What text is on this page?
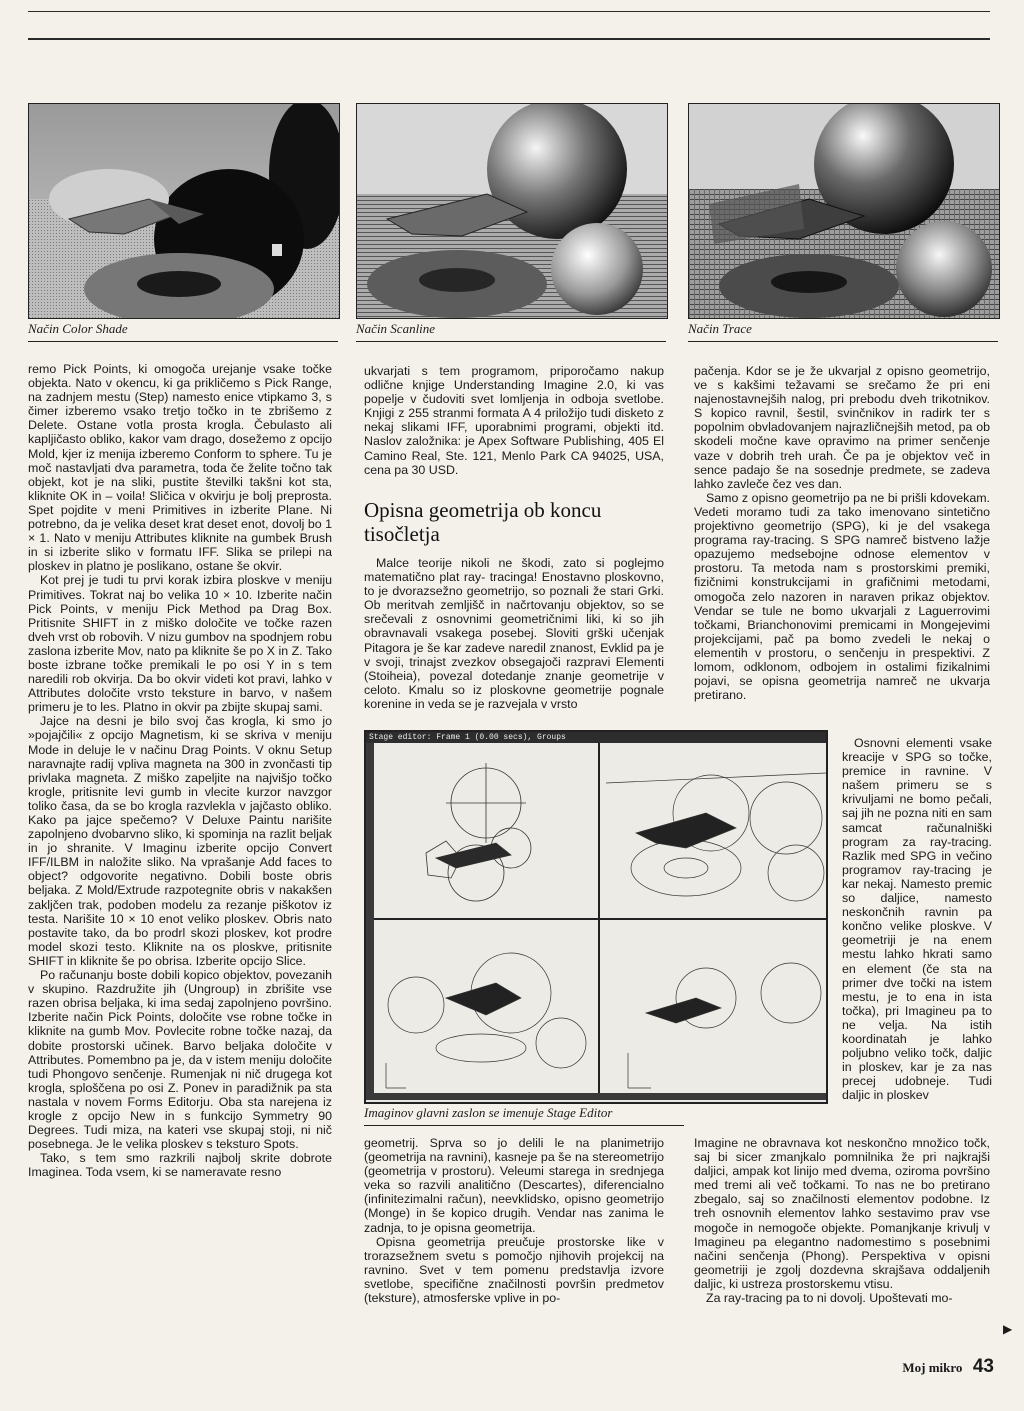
Način Color Shade	Način Scanline	Način Trace

remo Pick Points, ki omogoča urejanje vsake točke objekta. Nato v okencu, ki ga prikličemo s Pick Range, na zadnjem mestu (Step) namesto enice vtipkamo 3, s čimer izberemo vsako tretjo točko in te zbrišemo z Delete. Ostane votla prosta krogla. Čebulasto ali kapljičasto obliko, kakor vam drago, dosežemo z opcijo Mold, kjer iz menija izberemo Conform to sphere. Tu je moč nastavljati dva parametra, toda če želite točno tak objekt, kot je na sliki, pustite številki takšni kot sta, kliknite OK in – voila! Sličica v okvirju je bolj preprosta. Spet pojdite v meni Primitives in izberite Plane. Ni potrebno, da je velika deset krat deset enot, dovolj bo 1 × 1. Nato v meniju Attributes kliknite na gumbek Brush in si izberite sliko v formatu IFF. Slika se prilepi na ploskev in platno je poslikano, ostane še okvir.

Kot prej je tudi tu prvi korak izbira ploskve v meniju Primitives. Tokrat naj bo velika 10 × 10. Izberite način Pick Points, v meniju Pick Method pa Drag Box. Pritisnite SHIFT in z miško določite ve točke razen dveh vrst ob robovih. V nizu gumbov na spodnjem robu zaslona izberite Mov, nato pa kliknite še po X in Z. Tako boste izbrane točke premikali le po osi Y in s tem naredili rob okvirja. Da bo okvir videti kot pravi, lahko v Attributes določite vrsto teksture in barvo, v našem primeru je to les. Platno in okvir pa zbijte skupaj sami.

Jajce na desni je bilo svoj čas krogla, ki smo jo »pojajčili« z opcijo Magnetism, ki se skriva v meniju Mode in deluje le v načinu Drag Points. V oknu Setup naravnajte radij vpliva magneta na 300 in zvončasti tip privlaka magneta. Z miško zapeljite na najvišjo točko krogle, pritisnite levi gumb in vlecite kurzor navzgor toliko časa, da se bo krogla razvlekla v jajčasto obliko. Kako pa jajce spečemo? V Deluxe Paintu narišite zapolnjeno dvobarvno sliko, ki spominja na razlit beljak in jo shranite. V Imaginu izberite opcijo Convert IFF/ILBM in naložite sliko. Na vprašanje Add faces to object? odgovorite negativno. Dobili boste obris beljaka. Z Mold/Extrude razpotegnite obris v nakakšen zakljčen trak, podoben modelu za rezanje piškotov iz testa. Narišite 10 × 10 enot veliko ploskev. Obris nato postavite tako, da bo prodrl skozi ploskev, kot prodre model skozi testo. Kliknite na os ploskve, pritisnite SHIFT in kliknite še po obrisa. Izberite opcijo Slice.

Po računanju boste dobili kopico objektov, povezanih v skupino. Razdružite jih (Ungroup) in zbrišite vse razen obrisa beljaka, ki ima sedaj zapolnjeno površino. Izberite način Pick Points, določite vse robne točke in kliknite na gumb Mov. Povlecite robne točke nazaj, da dobite prostorski učinek. Barvo beljaka določite v Attributes. Pomembno pa je, da v istem meniju določite tudi Phongovo senčenje. Rumenjak ni nič drugega kot krogla, sploščena po osi Z. Ponev in paradižnik pa sta nastala v novem Forms Editorju. Oba sta narejena iz krogle z opcijo New in s funkcijo Symmetry 90 Degrees. Tudi miza, na kateri vse skupaj stoji, ni nič posebnega. Je le velika ploskev s teksturo Spots.

Tako, s tem smo razkrili najbolj skrite dobrote Imaginea. Toda vsem, ki se nameravate resno

ukvarjati s tem programom, priporočamo nakup odlične knjige Understanding Imagine 2.0, ki vas popelje v čudoviti svet lomljenja in odboja svetlobe. Knjigi z 255 stranmi formata A 4 priložijo tudi disketo z nekaj slikami IFF, uporabnimi programi, objekti itd. Naslov založnika: je Apex Software Publishing, 405 El Camino Real, Ste. 121, Menlo Park CA 94025, USA, cena pa 30 USD.

Opisna geometrija ob koncu tisočletja

Malce teorije nikoli ne škodi, zato si poglejmo matematično plat ray- tracinga! Enostavno ploskovno, to je dvorazsežno geometrijo, so poznali že stari Grki. Ob meritvah zemljišč in načrtovanju objektov, so se srečevali z osnovnimi geometričnimi liki, ki so jih obravnavali vsakega posebej. Sloviti grški učenjak Pitagora je še kar zadeve naredil znanost, Evklid pa je v svoji, trinajst zvezkov obsegajoči razpravi Elementi (Stoiheia), povezal dotedanje znanje geometrije v celoto. Kmalu so iz ploskovne geometrije pognale korenine in veda se je razvejala v vrsto

Stage editor: Frame 1 (0.00 secs), Groups
Imaginov glavni zaslon se imenuje Stage Editor

geometrij. Sprva so jo delili le na planimetrijo (geometrija na ravnini), kasneje pa še na stereometrijo (geometrija v prostoru). Veleumi starega in srednjega veka so razvili analitično (Descartes), diferencialno (infinitezimalni račun), neevklidsko, opisno geometrijo (Monge) in še kopico drugih. Vendar nas zanima le zadnja, to je opisna geometrija.

Opisna geometrija preučuje prostorske like v trorazsežnem svetu s pomočjo njihovih projekcij na ravnino. Svet v tem pomenu predstavlja izvore svetlobe, specifične značilnosti površin predmetov (teksture), atmosferske vplive in po-

pačenja. Kdor se je že ukvarjal z opisno geometrijo, ve s kakšimi težavami se srečamo že pri eni najenostavnejših nalog, pri prebodu dveh trikotnikov. S kopico ravnil, šestil, svinčnikov in radirk ter s popolnim obvladovanjem najrazličnejših metod, pa ob skodeli močne kave opravimo na primer senčenje vaze v dobrih treh urah. Če pa je objektov več in sence padajo še na sosednje predmete, se zadeva lahko zavleče čez ves dan.

Samo z opisno geometrijo pa ne bi prišli kdovekam. Vedeti moramo tudi za tako imenovano sintetično projektivno geometrijo (SPG), ki je del vsakega programa ray-tracing. S SPG namreč bistveno lažje opazujemo medsebojne odnose elementov v prostoru. Ta metoda nam s prostorskimi premiki, fizičnimi konstrukcijami in grafičnimi metodami, omogoča zelo nazoren in naraven prikaz objektov. Vendar se tule ne bomo ukvarjali z Laguerrovimi točkami, Brianchonovimi premicami in Mongejevimi projekcijami, pač pa bomo zvedeli le nekaj o elementih v prostoru, o senčenju in prespektivi. Z lomom, odklonom, odbojem in ostalimi fizikalnimi pojavi, se opisna geometrija namreč ne ukvarja pretirano.

Osnovni elementi vsake kreacije v SPG so točke, premice in ravnine. V našem primeru se s krivuljami ne bomo pečali, saj jih ne pozna niti en sam samcat računalniški program za ray-tracing. Razlik med SPG in večino programov ray-tracing je kar nekaj. Namesto premic so daljice, namesto neskončnih ravnin pa končno velike ploskve. V geometriji je na enem mestu lahko hkrati samo en element (če sta na primer dve točki na istem mestu, je to ena in ista točka), pri Imagineu pa to ne velja. Na istih koordinatah je lahko poljubno veliko točk, daljic in ploskev, kar je za nas precej udobneje. Tudi daljic in ploskev

Imagine ne obravnava kot neskončno množico točk, saj bi sicer zmanjkalo pomnilnika že pri najkrajši daljici, ampak kot linijo med dvema, oziroma površino med tremi ali več točkami. To nas ne bo pretirano zbegalo, saj so značilnosti elementov podobne. Iz treh osnovnih elementov lahko sestavimo prav vse mogoče in nemogoče objekte. Pomanjkanje krivulj v Imagineu pa elegantno nadomestimo s posebnimi načini senčenja (Phong). Perspektiva v opisni geometriji je zgolj dozdevna skrajšava oddaljenih daljic, ki ustreza prostorskemu vtisu.

Za ray-tracing pa to ni dovolj. Upoštevati mo-

▶
Moj mikro 43
